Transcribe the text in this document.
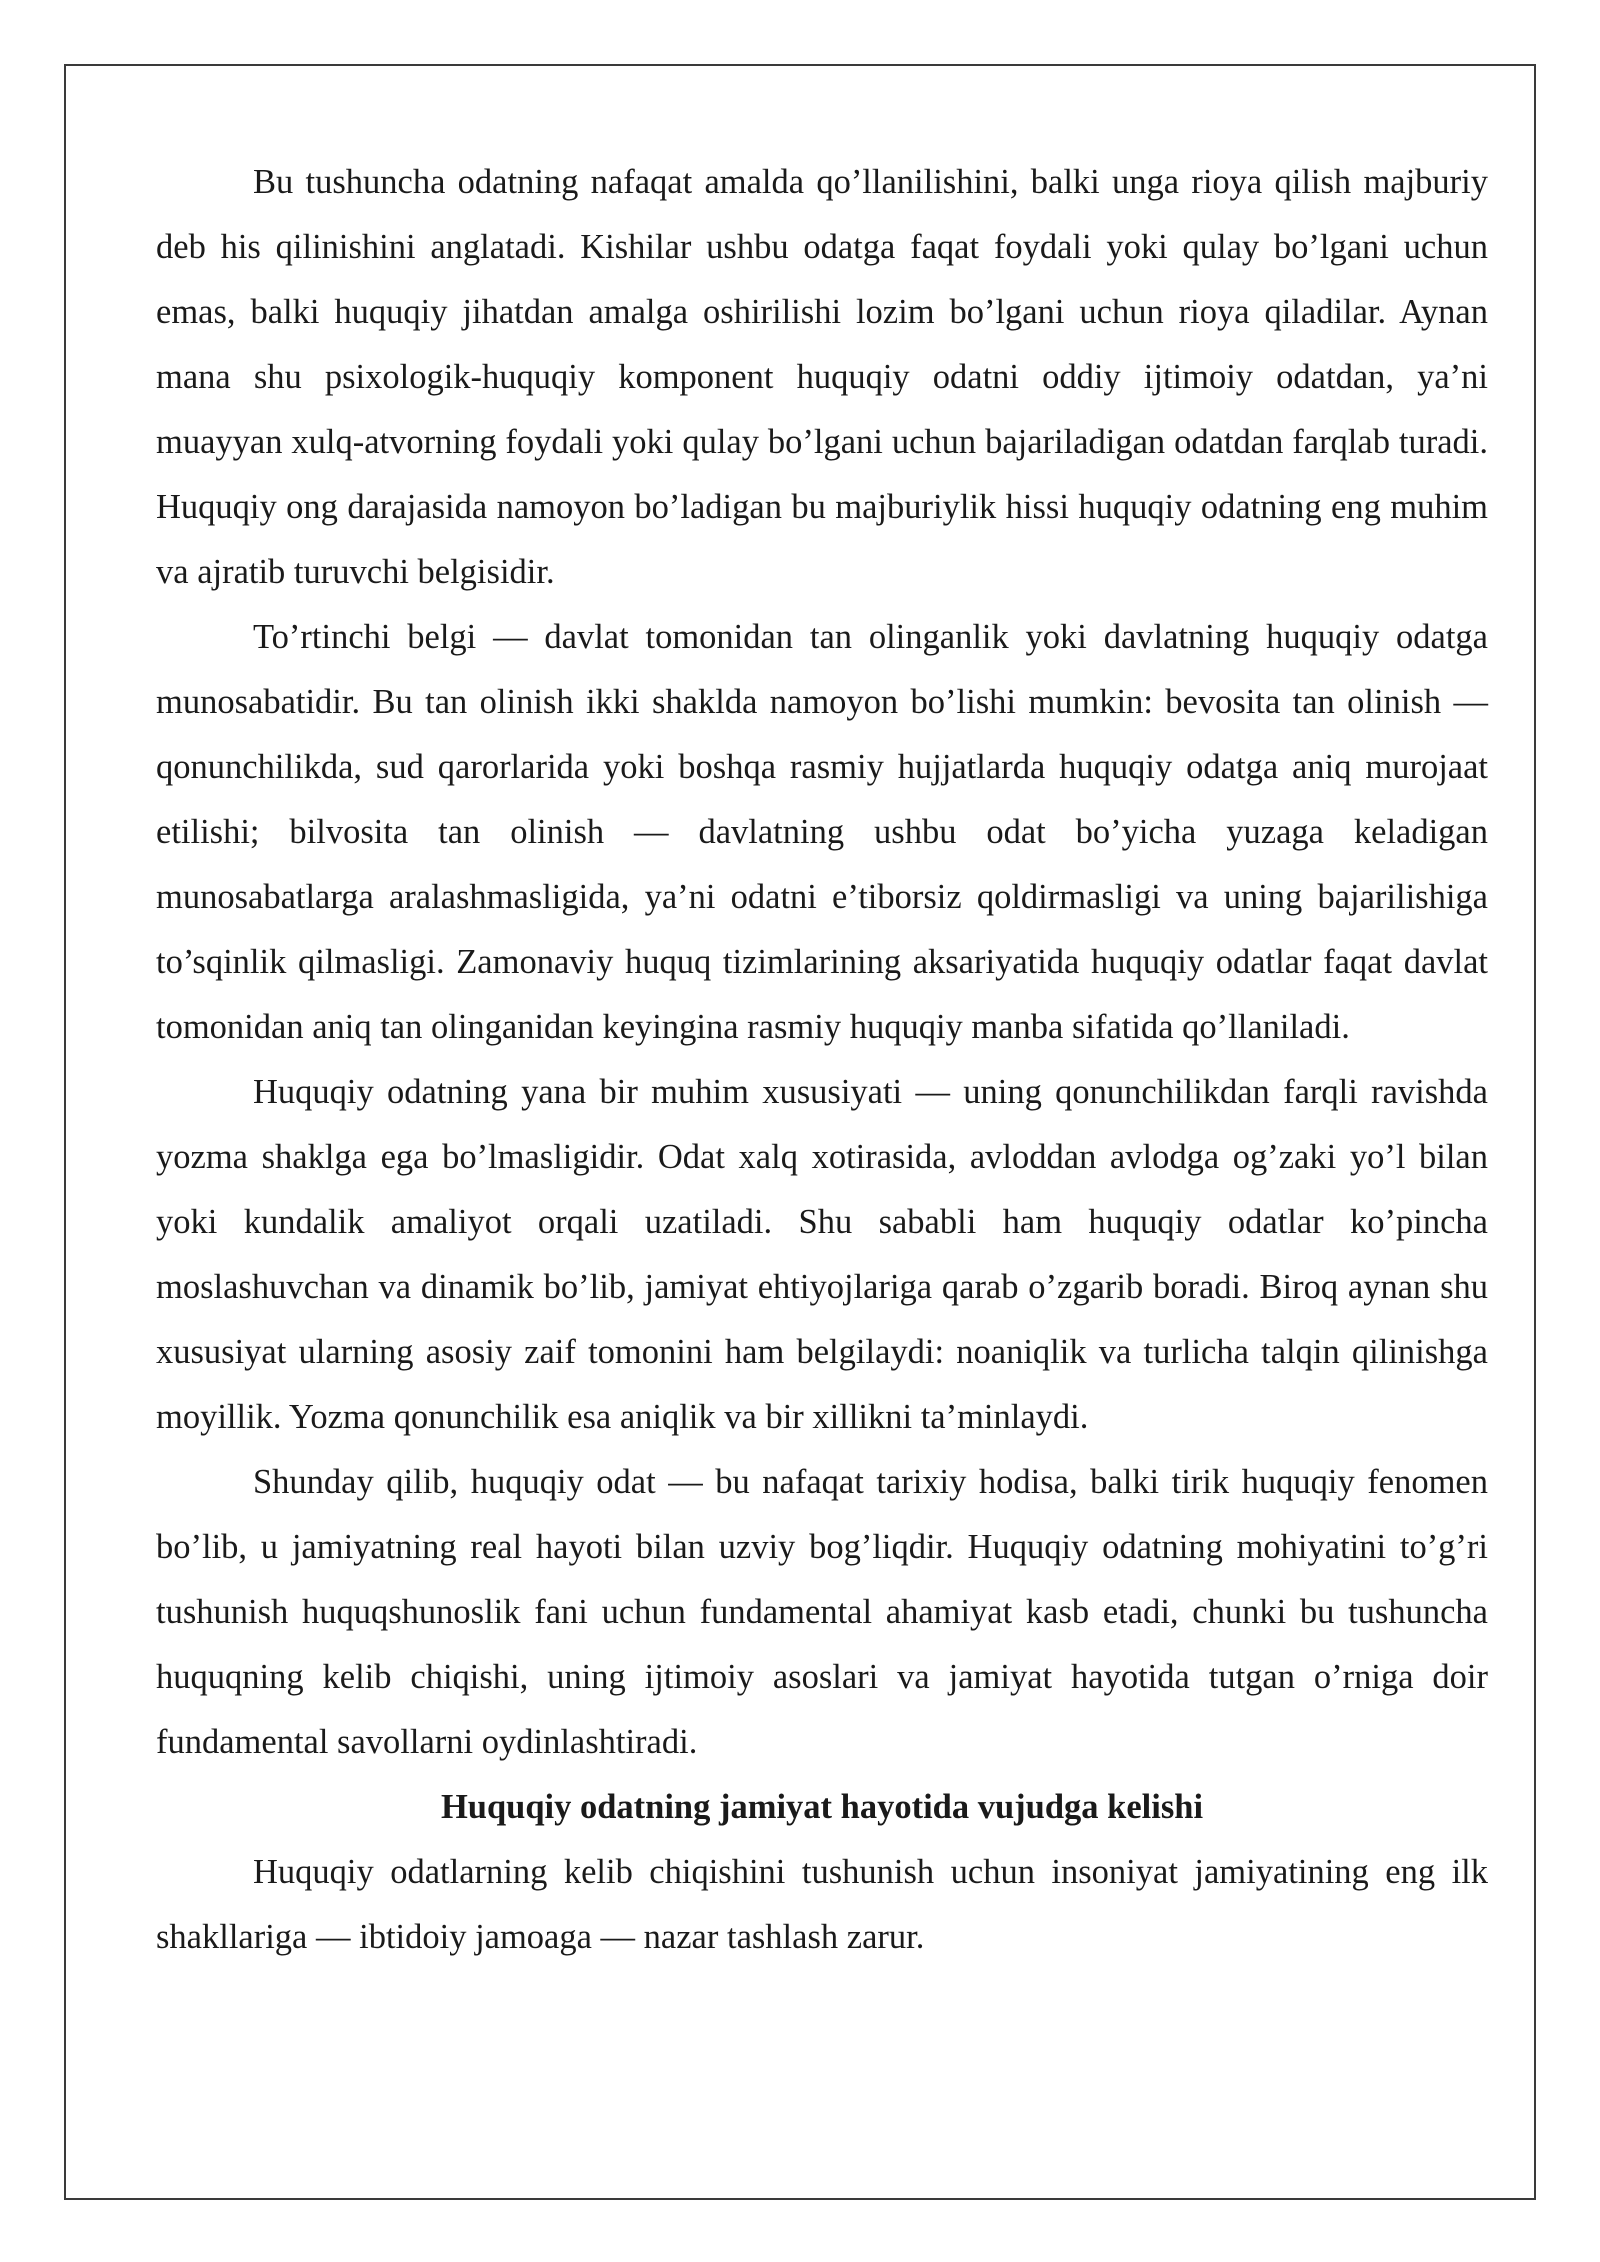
Bu tushuncha odatning nafaqat amalda qo’llanilishini, balki unga rioya qilish majburiy deb his qilinishini anglatadi. Kishilar ushbu odatga faqat foydali yoki qulay bo’lgani uchun emas, balki huquqiy jihatdan amalga oshirilishi lozim bo’lgani uchun rioya qiladilar. Aynan mana shu psixologik-huquqiy komponent huquqiy odatni oddiy ijtimoiy odatdan, ya’ni muayyan xulq-atvorning foydali yoki qulay bo’lgani uchun bajariladigan odatdan farqlab turadi. Huquqiy ong darajasida namoyon bo’ladigan bu majburiylik hissi huquqiy odatning eng muhim va ajratib turuvchi belgisidir.

To’rtinchi belgi — davlat tomonidan tan olinganlik yoki davlatning huquqiy odatga munosabatidir. Bu tan olinish ikki shaklda namoyon bo’lishi mumkin: bevosita tan olinish — qonunchilikda, sud qarorlarida yoki boshqa rasmiy hujjatlarda huquqiy odatga aniq murojaat etilishi; bilvosita tan olinish — davlatning ushbu odat bo’yicha yuzaga keladigan munosabatlarga aralashmasligida, ya’ni odatni e’tiborsiz qoldirmasligi va uning bajarilishiga to’sqinlik qilmasligi. Zamonaviy huquq tizimlarining aksariyatida huquqiy odatlar faqat davlat tomonidan aniq tan olinganidan keyingina rasmiy huquqiy manba sifatida qo’llaniladi.

Huquqiy odatning yana bir muhim xususiyati — uning qonunchilikdan farqli ravishda yozma shaklga ega bo’lmasligidir. Odat xalq xotirasida, avloddan avlodga og’zaki yo’l bilan yoki kundalik amaliyot orqali uzatiladi. Shu sababli ham huquqiy odatlar ko’pincha moslashuvchan va dinamik bo’lib, jamiyat ehtiyojlariga qarab o’zgarib boradi. Biroq aynan shu xususiyat ularning asosiy zaif tomonini ham belgilaydi: noaniqlik va turlicha talqin qilinishga moyillik. Yozma qonunchilik esa aniqlik va bir xillikni ta’minlaydi.

Shunday qilib, huquqiy odat — bu nafaqat tarixiy hodisa, balki tirik huquqiy fenomen bo’lib, u jamiyatning real hayoti bilan uzviy bog’liqdir. Huquqiy odatning mohiyatini to’g’ri tushunish huquqshunoslik fani uchun fundamental ahamiyat kasb etadi, chunki bu tushuncha huquqning kelib chiqishi, uning ijtimoiy asoslari va jamiyat hayotida tutgan o’rniga doir fundamental savollarni oydinlashtiradi.

Huquqiy odatning jamiyat hayotida vujudga kelishi

Huquqiy odatlarning kelib chiqishini tushunish uchun insoniyat jamiyatining eng ilk shakllariga — ibtidoiy jamoaga — nazar tashlash zarur.
